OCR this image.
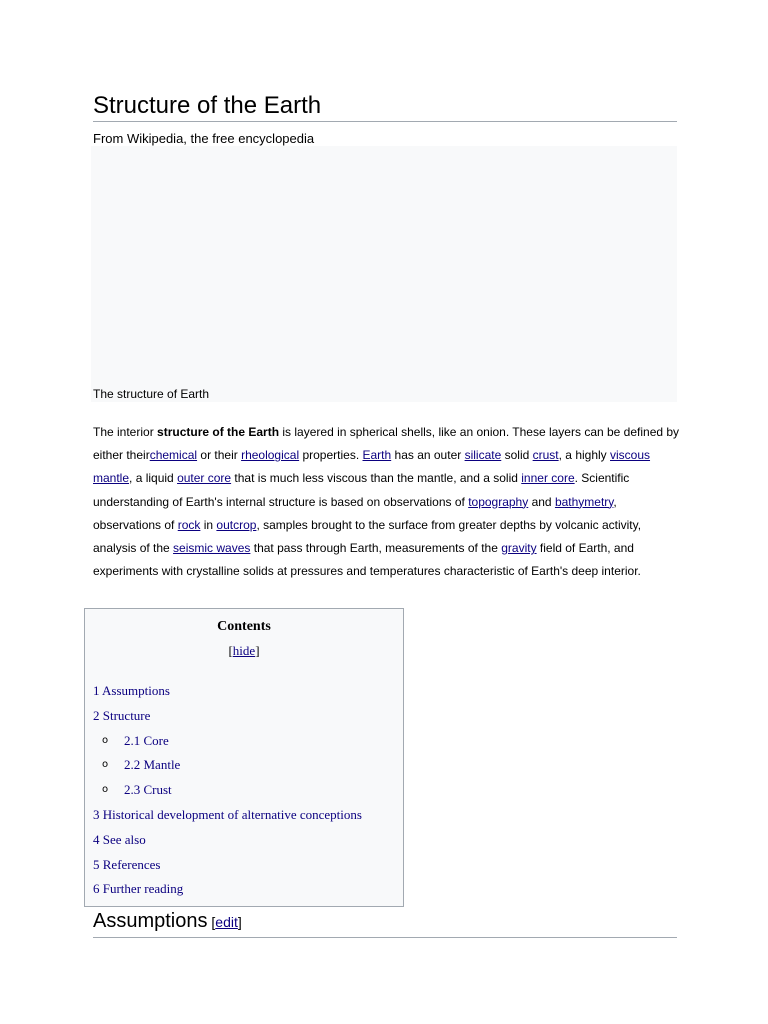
Structure of the Earth
From Wikipedia, the free encyclopedia
The structure of Earth

The interior structure of the Earth is layered in spherical shells, like an onion. These layers can be defined by either theirchemical or their rheological properties. Earth has an outer silicate solid crust, a highly viscous mantle, a liquid outer core that is much less viscous than the mantle, and a solid inner core. Scientific understanding of Earth's internal structure is based on observations of topography and bathymetry, observations of rock in outcrop, samples brought to the surface from greater depths by volcanic activity, analysis of the seismic waves that pass through Earth, measurements of the gravity field of Earth, and experiments with crystalline solids at pressures and temperatures characteristic of Earth's deep interior.

Contents
[hide]
1 Assumptions
2 Structure
o 2.1 Core
o 2.2 Mantle
o 2.3 Crust
3 Historical development of alternative conceptions
4 See also
5 References
6 Further reading
Assumptions [edit]
